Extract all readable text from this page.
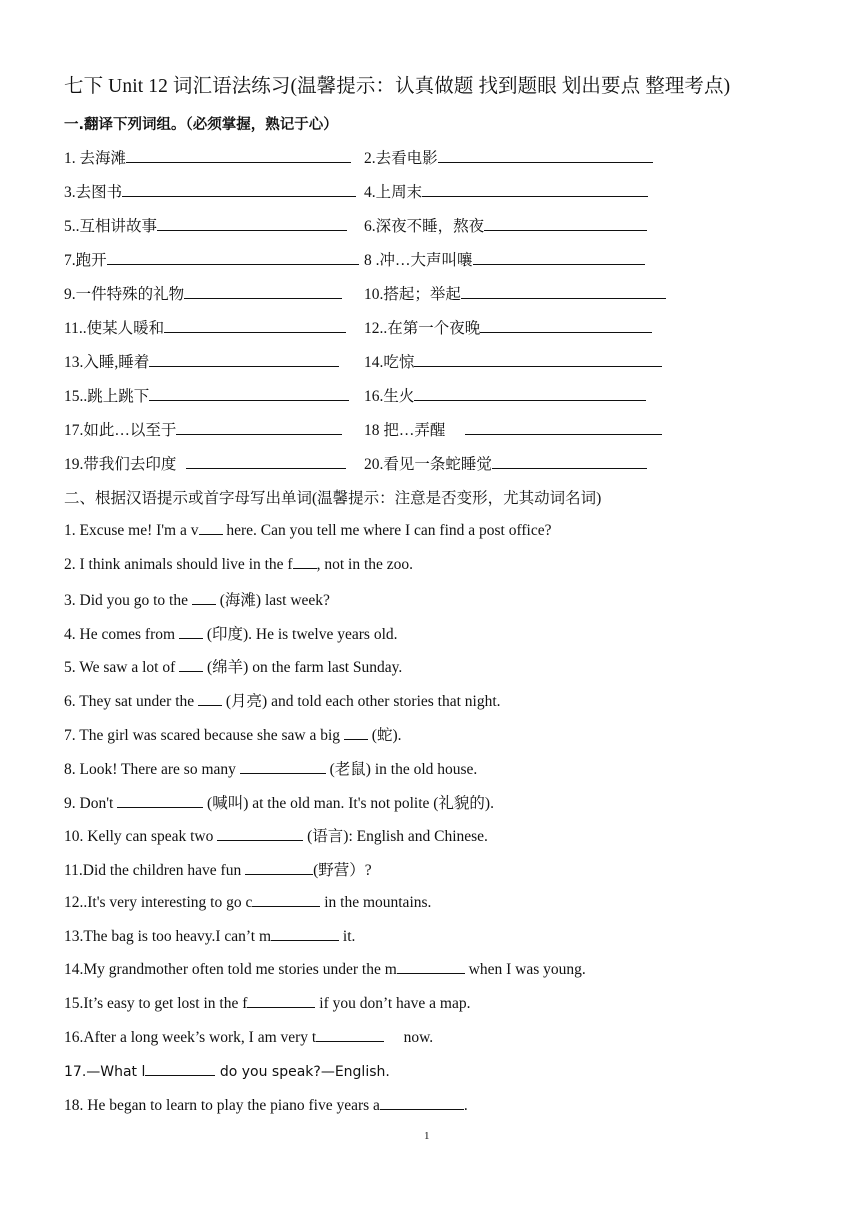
七下 Unit 12 词汇语法练习(温馨提示：认真做题 找到题眼 划出要点 整理考点)
一.翻译下列词组。（必须掌握，熟记于心）
1. 去海滩	2.去看电影
3.去图书	4.上周末
5..互相讲故事	6.深夜不睡，熬夜
7.跑开	8 .冲…大声叫嚷
9.一件特殊的礼物	10.搭起；举起
11..使某人暖和	12..在第一个夜晚
13.入睡,睡着	14.吃惊
15..跳上跳下	16.生火
17.如此…以至于	18 把…弄醒
19.带我们去印度	20.看见一条蛇睡觉
二、根据汉语提示或首字母写出单词(温馨提示：注意是否变形，尤其动词名词)
1. Excuse me! I'm a v here. Can you tell me where I can find a post office?
2. I think animals should live in the f , not in the zoo.
3. Did you go to the  (海滩) last week?
4. He comes from  (印度). He is twelve years old.
5. We saw a lot of  (绵羊) on the farm last Sunday.
6. They sat under the  (月亮) and told each other stories that night.
7. The girl was scared because she saw a big  (蛇).
8. Look! There are so many	(老鼠) in the old house.
9. Don't	(喊叫) at the old man. It's not polite (礼貌的).
10. Kelly can speak two	(语言): English and Chinese.
11.Did the children have fun	(野营）?
12..It's very interesting to go c	in the mountains.
13.The bag is too heavy.I can’t m	it.
14.My grandmother often told me stories under the m	when I was young.
15.It’s easy to get lost in the f	if you don’t have a map.
16.After a long week’s work, I am very t	now.
17.—What l	do you speak?—English.
18. He began to learn to play the piano five years a	.
1
